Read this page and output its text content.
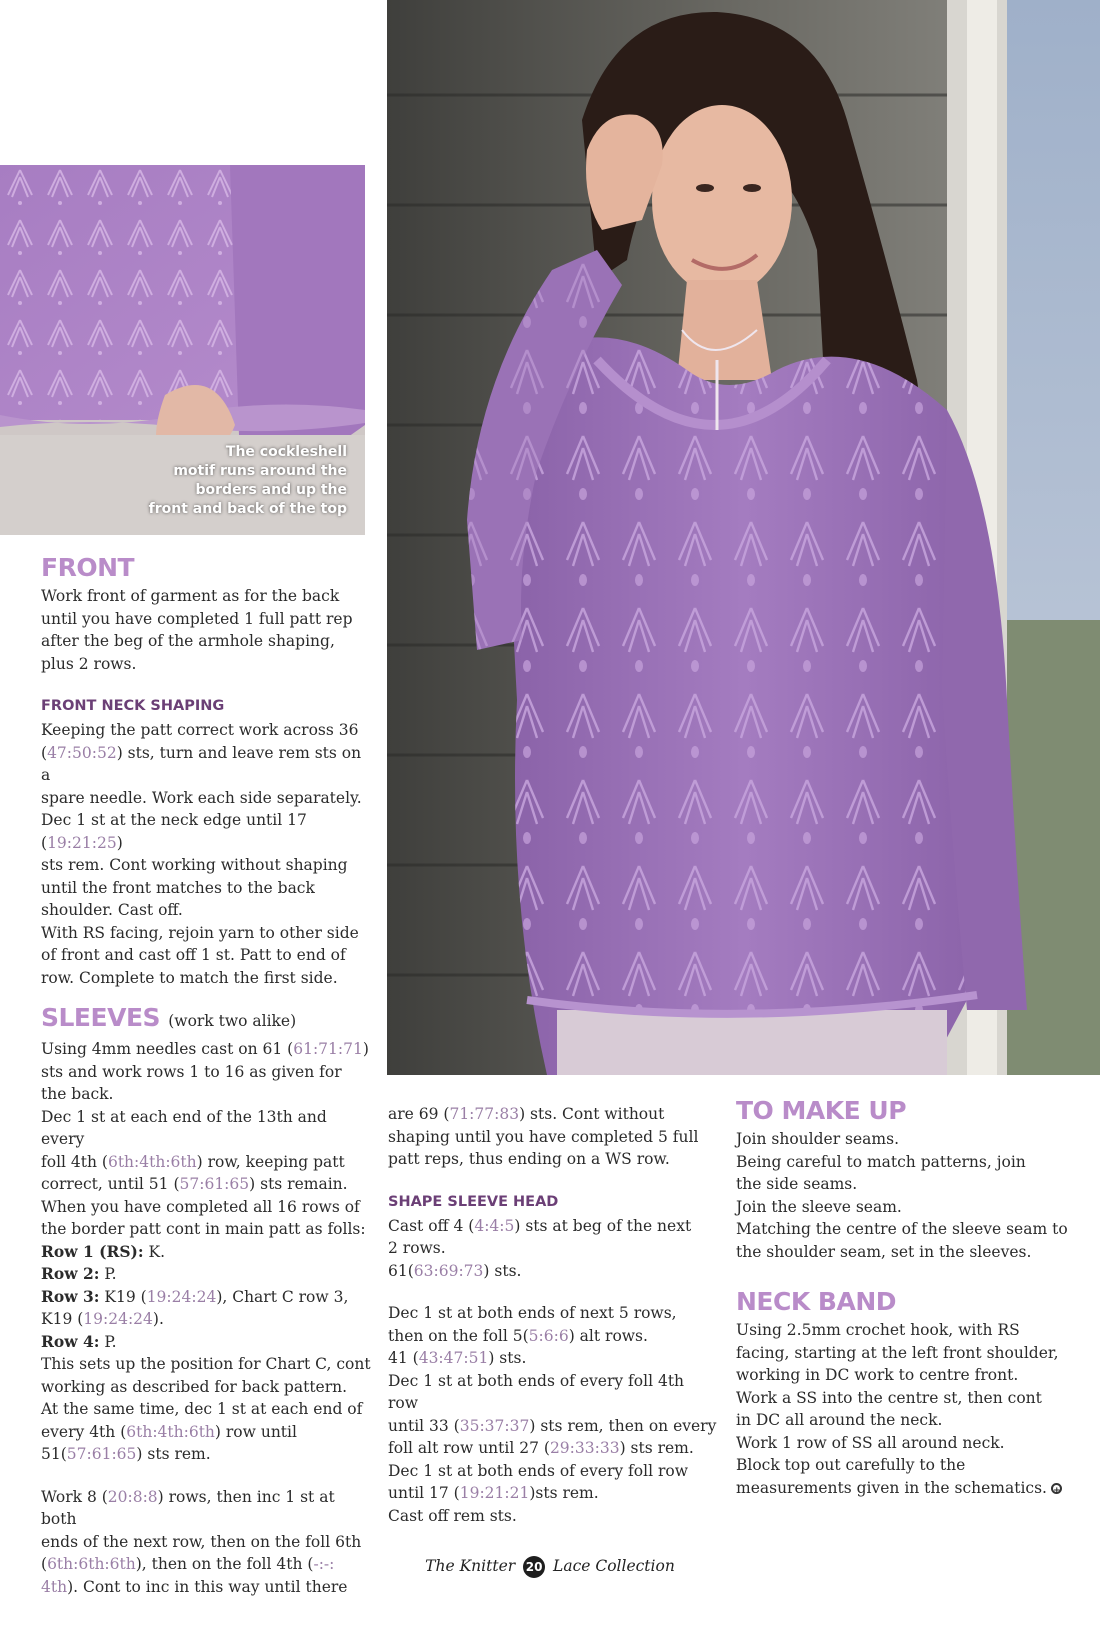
The cockleshell
motif runs around the
borders and up the
front and back of the top
FRONT

Work front of garment as for the back

until you have completed 1 full patt rep

after the beg of the armhole shaping,

plus 2 rows.

FRONT NECK SHAPING

Keeping the patt correct work across 36

(47:50:52) sts, turn and leave rem sts on a

spare needle. Work each side separately.

Dec 1 st at the neck edge until 17 (19:21:25)

sts rem. Cont working without shaping

until the front matches to the back

shoulder. Cast off.

With RS facing, rejoin yarn to other side

of front and cast off 1 st. Patt to end of

row. Complete to match the first side.

SLEEVES (work two alike)

Using 4mm needles cast on 61 (61:71:71)

sts and work rows 1 to 16 as given for

the back.

Dec 1 st at each end of the 13th and every

foll 4th (6th:4th:6th) row, keeping patt

correct, until 51 (57:61:65) sts remain.

When you have completed all 16 rows of

the border patt cont in main patt as folls:

Row 1 (RS): K.

Row 2: P.

Row 3: K19 (19:24:24), Chart C row 3,

K19 (19:24:24).

Row 4: P.

This sets up the position for Chart C, cont

working as described for back pattern.

At the same time, dec 1 st at each end of

every 4th (6th:4th:6th) row until

51(57:61:65) sts rem.

Work 8 (20:8:8) rows, then inc 1 st at both

ends of the next row, then on the foll 6th

(6th:6th:6th), then on the foll 4th (-:-:

4th). Cont to inc in this way until there

are 69 (71:77:83) sts. Cont without

shaping until you have completed 5 full

patt reps, thus ending on a WS row.

SHAPE SLEEVE HEAD

Cast off 4 (4:4:5) sts at beg of the next

2 rows.

61(63:69:73) sts.

Dec 1 st at both ends of next 5 rows,

then on the foll 5(5:6:6) alt rows.

41 (43:47:51) sts.

Dec 1 st at both ends of every foll 4th row

until 33 (35:37:37) sts rem, then on every

foll alt row until 27 (29:33:33) sts rem.

Dec 1 st at both ends of every foll row

until 17 (19:21:21)sts rem.

Cast off rem sts.

TO MAKE UP

Join shoulder seams.

Being careful to match patterns, join

the side seams.

Join the sleeve seam.

Matching the centre of the sleeve seam to

the shoulder seam, set in the sleeves.

NECK BAND

Using 2.5mm crochet hook, with RS

facing, starting at the left front shoulder,

working in DC work to centre front.

Work a SS into the centre st, then cont

in DC all around the neck.

Work 1 row of SS all around neck.

Block top out carefully to the

measurements given in the schematics.+

The Knitter 20 Lace Collection
